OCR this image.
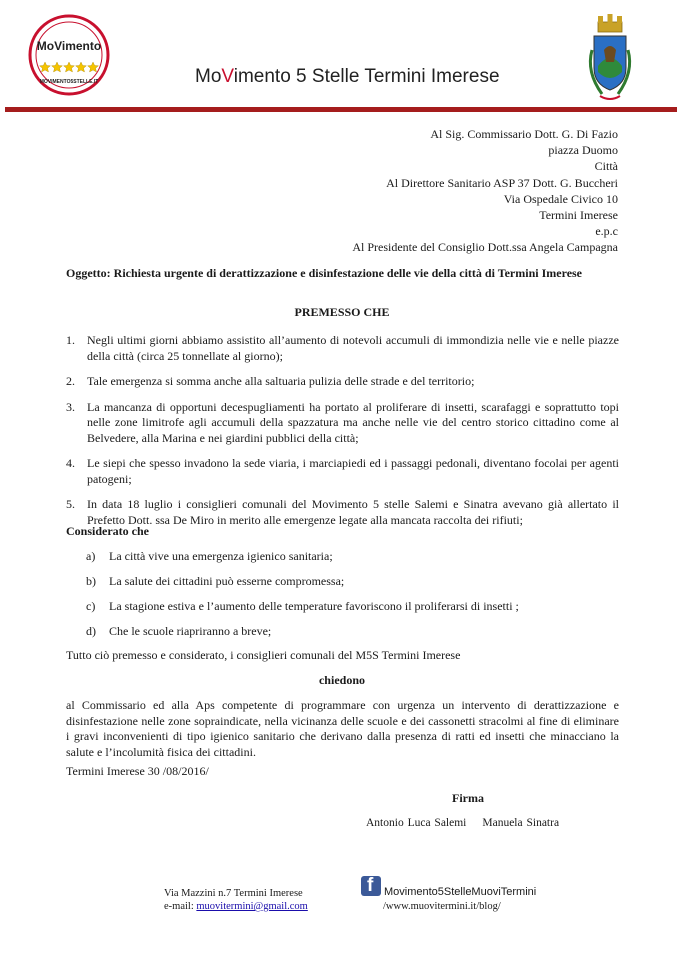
MoVimento
MOVIMENTO5STELLE.IT	MoVimento 5 Stelle Termini Imerese
Al Sig. Commissario Dott. G. Di Fazio
piazza Duomo
Città
Al Direttore Sanitario ASP 37 Dott. G. Buccheri
Via Ospedale Civico 10
Termini Imerese
e.p.c
Al Presidente del Consiglio Dott.ssa Angela Campagna
Oggetto: Richiesta urgente di derattizzazione e disinfestazione delle vie della città di Termini Imerese
PREMESSO CHE
1.	Negli ultimi giorni abbiamo assistito all’aumento di notevoli accumuli di immondizia nelle vie e nelle piazze della città (circa 25 tonnellate al giorno);
2.	Tale emergenza si somma anche alla saltuaria pulizia delle strade e del territorio;
3.	La mancanza di opportuni decespugliamenti ha portato al proliferare di insetti, scarafaggi e soprattutto topi nelle zone limitrofe agli accumuli della spazzatura ma anche nelle vie del centro storico cittadino come al Belvedere, alla Marina e nei giardini pubblici della città;
4.	Le siepi che spesso invadono la sede viaria, i marciapiedi ed i passaggi pedonali, diventano focolai per agenti patogeni;
5.	In data 18 luglio i consiglieri comunali del Movimento 5 stelle Salemi e Sinatra avevano già allertato il Prefetto Dott. ssa De Miro in merito alle emergenze legate alla mancata raccolta dei rifiuti;
Considerato che
a)	La città vive una emergenza igienico sanitaria;
b)	La salute dei cittadini può esserne compromessa;
c)	La stagione estiva e l’aumento delle temperature favoriscono il proliferarsi di insetti ;
d)	Che le scuole riapriranno a breve;
Tutto ciò premesso e considerato, i consiglieri comunali del M5S Termini Imerese
chiedono
al Commissario ed alla Aps competente di programmare con urgenza un intervento di derattizzazione e disinfestazione nelle zone sopraindicate, nella vicinanza delle scuole e dei cassonetti stracolmi al fine di eliminare i gravi inconvenienti di tipo igienico sanitario che derivano dalla presenza di ratti ed insetti che minacciano la salute e l’incolumità fisica dei cittadini.
Termini Imerese 30 /08/2016/
Firma
Antonio Luca Salemi Manuela Sinatra
Via Mazzini n.7 Termini Imerese
e-mail: muovitermini@gmail.com
f Movimento5StelleMuoviTermini
/www.muovitermini.it/blog/
